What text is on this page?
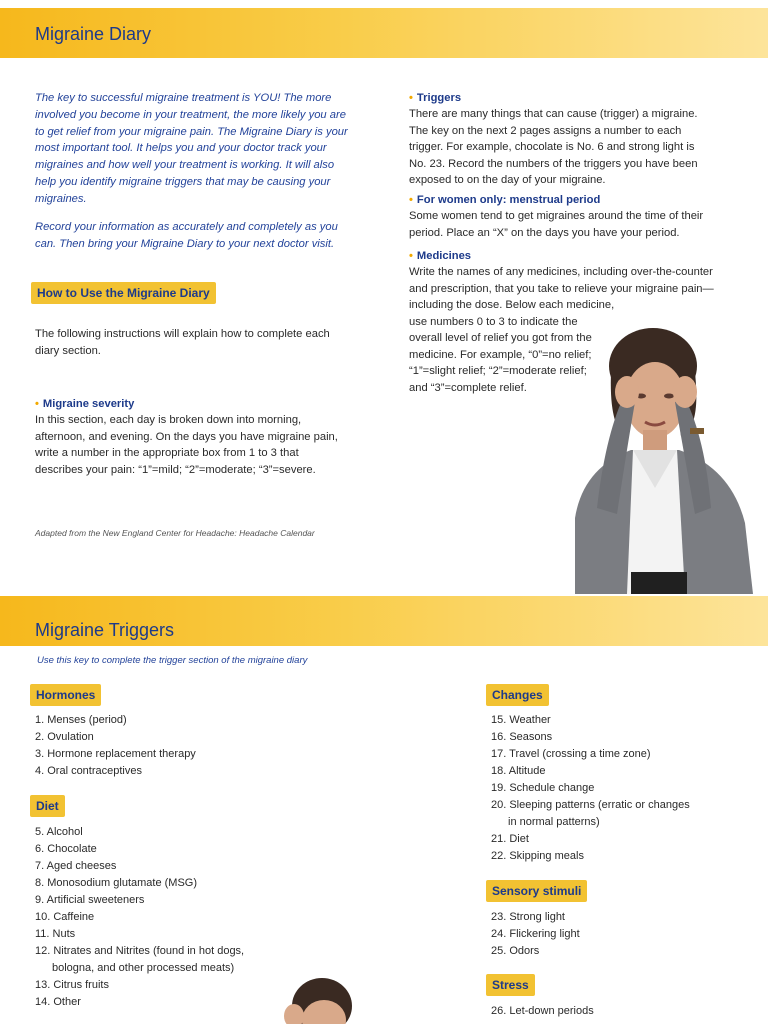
Migraine Diary
The key to successful migraine treatment is YOU! The more involved you become in your treatment, the more likely you are to get relief from your migraine pain. The Migraine Diary is your most important tool. It helps you and your doctor track your migraines and how well your treatment is working. It will also help you identify migraine triggers that may be causing your migraines.
Record your information as accurately and completely as you can. Then bring your Migraine Diary to your next doctor visit.
How to Use the Migraine Diary
The following instructions will explain how to complete each diary section.
• Migraine severity
In this section, each day is broken down into morning, afternoon, and evening. On the days you have migraine pain, write a number in the appropriate box from 1 to 3 that describes your pain: “1”=mild; “2”=moderate; “3”=severe.
Adapted from the New England Center for Headache: Headache Calendar
• Triggers
There are many things that can cause (trigger) a migraine. The key on the next 2 pages assigns a number to each trigger. For example, chocolate is No. 6 and strong light is No. 23. Record the numbers of the triggers you have been exposed to on the day of your migraine.
• For women only: menstrual period
Some women tend to get migraines around the time of their period. Place an “X” on the days you have your period.
• Medicines
Write the names of any medicines, including over-the-counter
and prescription, that you take to relieve your migraine pain—
including the dose. Below each medicine,
use numbers 0 to 3 to indicate the
overall level of relief you got from the
medicine. For example, “0”=no relief;
“1”=slight relief; “2”=moderate relief;
and “3”=complete relief.
Migraine Triggers
Use this key to complete the trigger section of the migraine diary
Hormones
1. Menses (period)
2. Ovulation
3. Hormone replacement therapy
4. Oral contraceptives
Diet
5. Alcohol
6. Chocolate
7. Aged cheeses
8. Monosodium glutamate (MSG)
9. Artificial sweeteners
10. Caffeine
11. Nuts
12. Nitrates and Nitrites (found in hot dogs,
bologna, and other processed meats)
13. Citrus fruits
14. Other
Changes
15. Weather
16. Seasons
17. Travel (crossing a time zone)
18. Altitude
19. Schedule change
20. Sleeping patterns (erratic or changes
in normal patterns)
21. Diet
22. Skipping meals
Sensory stimuli
23. Strong light
24. Flickering light
25. Odors
Stress
26. Let-down periods
